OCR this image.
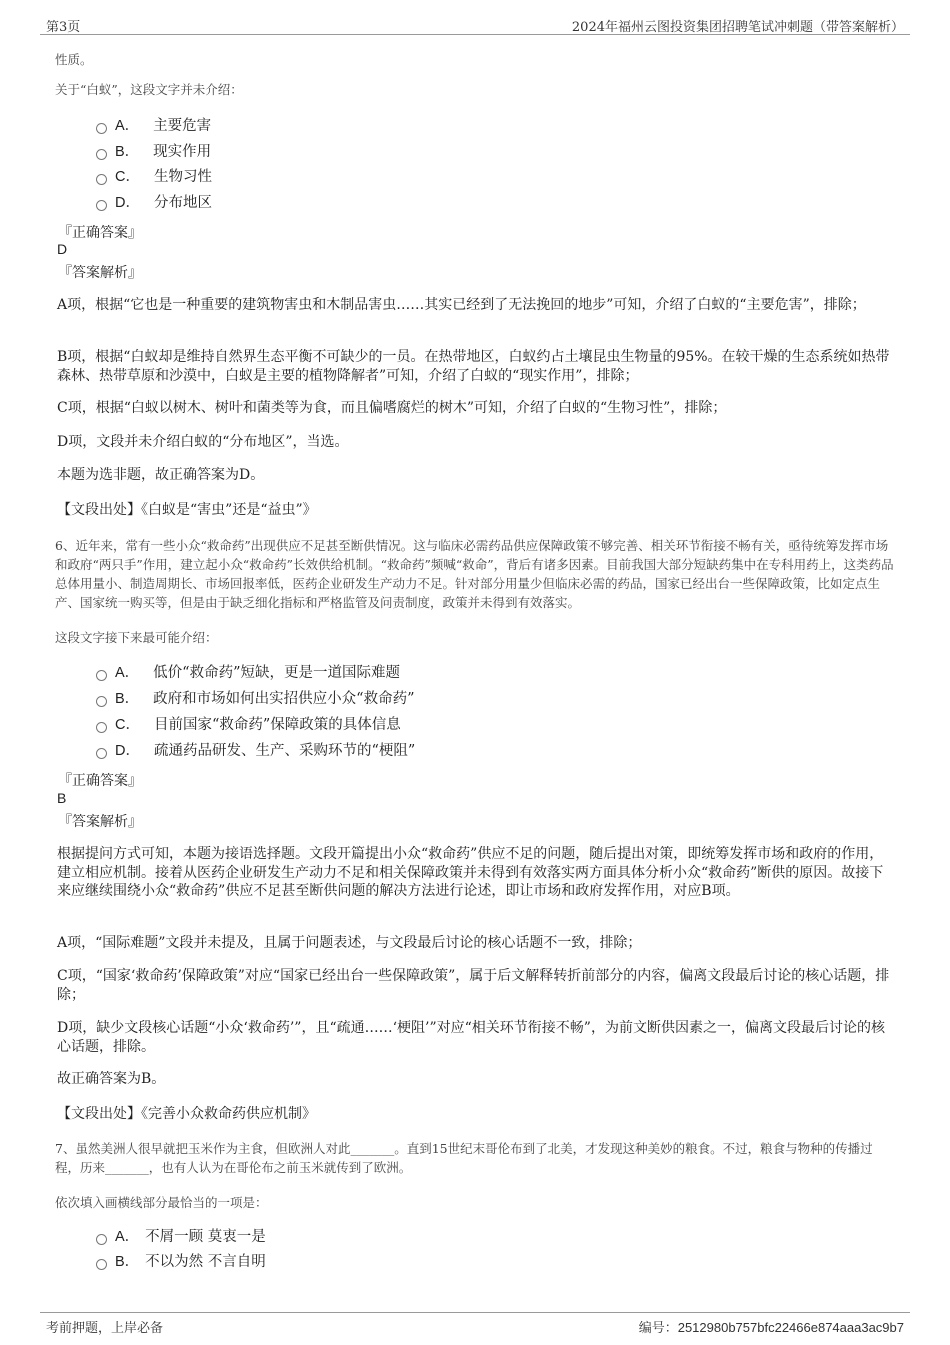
第3页	2024年福州云图投资集团招聘笔试冲刺题（带答案解析）
性质。
关于“白蚁”，这段文字并未介绍：
A． 主要危害
B． 现实作用
C． 生物习性
D． 分布地区
『正确答案』
D
『答案解析』
A项，根据“它也是一种重要的建筑物害虫和木制品害虫……其实已经到了无法挽回的地步”可知，介绍了白蚁的“主要危害”，排除；
B项，根据“白蚁却是维持自然界生态平衡不可缺少的一员。在热带地区，白蚁约占土壤昆虫生物量的95%。在较干燥的生态系统如热带森林、热带草原和沙漠中，白蚁是主要的植物降解者”可知，介绍了白蚁的“现实作用”，排除；
C项，根据“白蚁以树木、树叶和菌类等为食，而且偏嗜腐烂的树木”可知，介绍了白蚁的“生物习性”，排除；
D项，文段并未介绍白蚁的“分布地区”，当选。
本题为选非题，故正确答案为D。
【文段出处】《白蚁是“害虫”还是“益虫”》
6、近年来，常有一些小众“救命药”出现供应不足甚至断供情况。这与临床必需药品供应保障政策不够完善、相关环节衔接不畅有关，亟待统筹发挥市场和政府“两只手”作用，建立起小众“救命药”长效供给机制。“救命药”频喊“救命”，背后有诸多因素。目前我国大部分短缺药集中在专科用药上，这类药品总体用量小、制造周期长、市场回报率低，医药企业研发生产动力不足。针对部分用量少但临床必需的药品，国家已经出台一些保障政策，比如定点生产、国家统一购买等，但是由于缺乏细化指标和严格监管及问责制度，政策并未得到有效落实。
这段文字接下来最可能介绍：
A． 低价“救命药”短缺，更是一道国际难题
B． 政府和市场如何出实招供应小众“救命药”
C． 目前国家“救命药”保障政策的具体信息
D． 疏通药品研发、生产、采购环节的“梗阻”
『正确答案』
B
『答案解析』
根据提问方式可知，本题为接语选择题。文段开篇提出小众“救命药”供应不足的问题，随后提出对策，即统筹发挥市场和政府的作用，建立相应机制。接着从医药企业研发生产动力不足和相关保障政策并未得到有效落实两方面具体分析小众“救命药”断供的原因。故接下来应继续围绕小众“救命药”供应不足甚至断供问题的解决方法进行论述，即让市场和政府发挥作用，对应B项。
A项，“国际难题”文段并未提及，且属于问题表述，与文段最后讨论的核心话题不一致，排除；
C项，“国家‘救命药’保障政策”对应“国家已经出台一些保障政策”，属于后文解释转折前部分的内容，偏离文段最后讨论的核心话题，排除；
D项，缺少文段核心话题“小众‘救命药’”，且“疏通……‘梗阻’”对应“相关环节衔接不畅”，为前文断供因素之一，偏离文段最后讨论的核心话题，排除。
故正确答案为B。
【文段出处】《完善小众救命药供应机制》
7、虽然美洲人很早就把玉米作为主食，但欧洲人对此_______。直到15世纪末哥伦布到了北美，才发现这种美妙的粮食。不过，粮食与物种的传播过程，历来_______，也有人认为在哥伦布之前玉米就传到了欧洲。
依次填入画横线部分最恰当的一项是：
A． 不屑一顾 莫衷一是
B． 不以为然 不言自明
考前押题，上岸必备	编号：2512980b757bfc22466e874aaa3ac9b7
